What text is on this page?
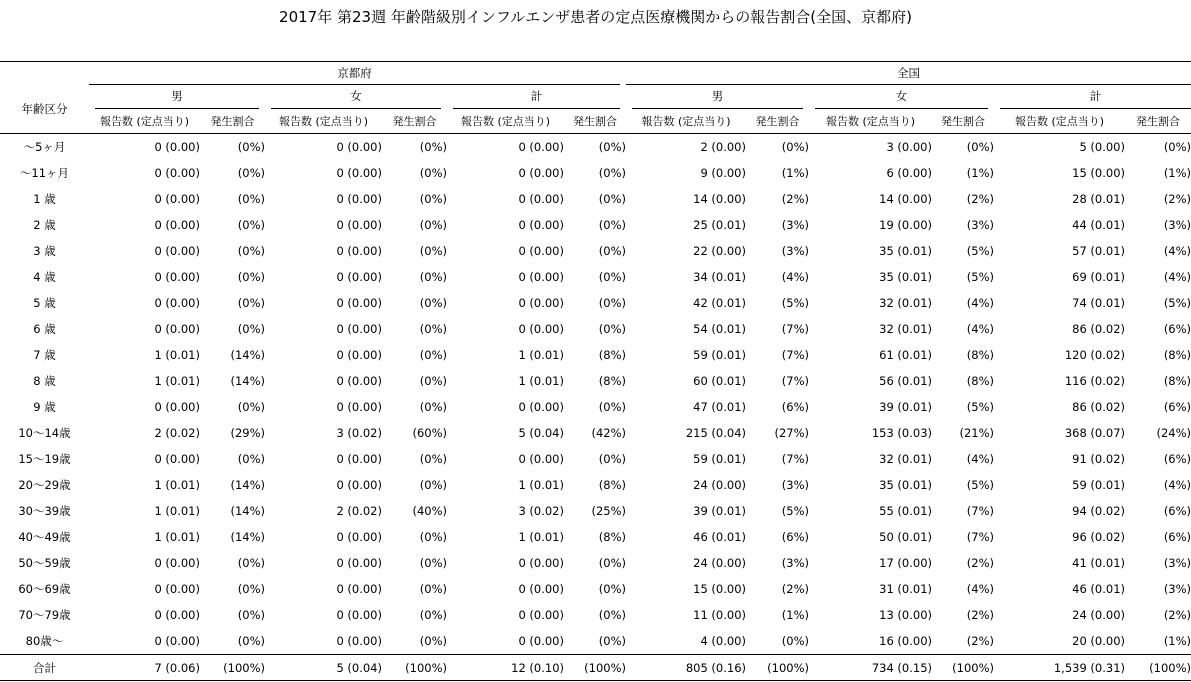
2017年 第23週 年齢階級別インフルエンザ患者の定点医療機関からの報告割合(全国、京都府)

	京都府						全国					

年齢区分	男		女		計		男		女		計	

	報告数 (定点当り)	発生割合	報告数 (定点当り)	発生割合	報告数 (定点当り)	発生割合	報告数 (定点当り)	発生割合	報告数 (定点当り)	発生割合	報告数 (定点当り)	発生割合
〜5ヶ月	0 (0.00)	(0%)	0 (0.00)	(0%)	0 (0.00)	(0%)	2 (0.00)	(0%)	3 (0.00)	(0%)	5 (0.00)	(0%)
〜11ヶ月	0 (0.00)	(0%)	0 (0.00)	(0%)	0 (0.00)	(0%)	9 (0.00)	(1%)	6 (0.00)	(1%)	15 (0.00)	(1%)
1 歳	0 (0.00)	(0%)	0 (0.00)	(0%)	0 (0.00)	(0%)	14 (0.00)	(2%)	14 (0.00)	(2%)	28 (0.01)	(2%)
2 歳	0 (0.00)	(0%)	0 (0.00)	(0%)	0 (0.00)	(0%)	25 (0.01)	(3%)	19 (0.00)	(3%)	44 (0.01)	(3%)
3 歳	0 (0.00)	(0%)	0 (0.00)	(0%)	0 (0.00)	(0%)	22 (0.00)	(3%)	35 (0.01)	(5%)	57 (0.01)	(4%)
4 歳	0 (0.00)	(0%)	0 (0.00)	(0%)	0 (0.00)	(0%)	34 (0.01)	(4%)	35 (0.01)	(5%)	69 (0.01)	(4%)
5 歳	0 (0.00)	(0%)	0 (0.00)	(0%)	0 (0.00)	(0%)	42 (0.01)	(5%)	32 (0.01)	(4%)	74 (0.01)	(5%)
6 歳	0 (0.00)	(0%)	0 (0.00)	(0%)	0 (0.00)	(0%)	54 (0.01)	(7%)	32 (0.01)	(4%)	86 (0.02)	(6%)
7 歳	1 (0.01)	(14%)	0 (0.00)	(0%)	1 (0.01)	(8%)	59 (0.01)	(7%)	61 (0.01)	(8%)	120 (0.02)	(8%)
8 歳	1 (0.01)	(14%)	0 (0.00)	(0%)	1 (0.01)	(8%)	60 (0.01)	(7%)	56 (0.01)	(8%)	116 (0.02)	(8%)
9 歳	0 (0.00)	(0%)	0 (0.00)	(0%)	0 (0.00)	(0%)	47 (0.01)	(6%)	39 (0.01)	(5%)	86 (0.02)	(6%)
10〜14歳	2 (0.02)	(29%)	3 (0.02)	(60%)	5 (0.04)	(42%)	215 (0.04)	(27%)	153 (0.03)	(21%)	368 (0.07)	(24%)
15〜19歳	0 (0.00)	(0%)	0 (0.00)	(0%)	0 (0.00)	(0%)	59 (0.01)	(7%)	32 (0.01)	(4%)	91 (0.02)	(6%)
20〜29歳	1 (0.01)	(14%)	0 (0.00)	(0%)	1 (0.01)	(8%)	24 (0.00)	(3%)	35 (0.01)	(5%)	59 (0.01)	(4%)
30〜39歳	1 (0.01)	(14%)	2 (0.02)	(40%)	3 (0.02)	(25%)	39 (0.01)	(5%)	55 (0.01)	(7%)	94 (0.02)	(6%)
40〜49歳	1 (0.01)	(14%)	0 (0.00)	(0%)	1 (0.01)	(8%)	46 (0.01)	(6%)	50 (0.01)	(7%)	96 (0.02)	(6%)
50〜59歳	0 (0.00)	(0%)	0 (0.00)	(0%)	0 (0.00)	(0%)	24 (0.00)	(3%)	17 (0.00)	(2%)	41 (0.01)	(3%)
60〜69歳	0 (0.00)	(0%)	0 (0.00)	(0%)	0 (0.00)	(0%)	15 (0.00)	(2%)	31 (0.01)	(4%)	46 (0.01)	(3%)
70〜79歳	0 (0.00)	(0%)	0 (0.00)	(0%)	0 (0.00)	(0%)	11 (0.00)	(1%)	13 (0.00)	(2%)	24 (0.00)	(2%)
80歳〜	0 (0.00)	(0%)	0 (0.00)	(0%)	0 (0.00)	(0%)	4 (0.00)	(0%)	16 (0.00)	(2%)	20 (0.00)	(1%)
合計	7 (0.06)	(100%)	5 (0.04)	(100%)	12 (0.10)	(100%)	805 (0.16)	(100%)	734 (0.15)	(100%)	1,539 (0.31)	(100%)
